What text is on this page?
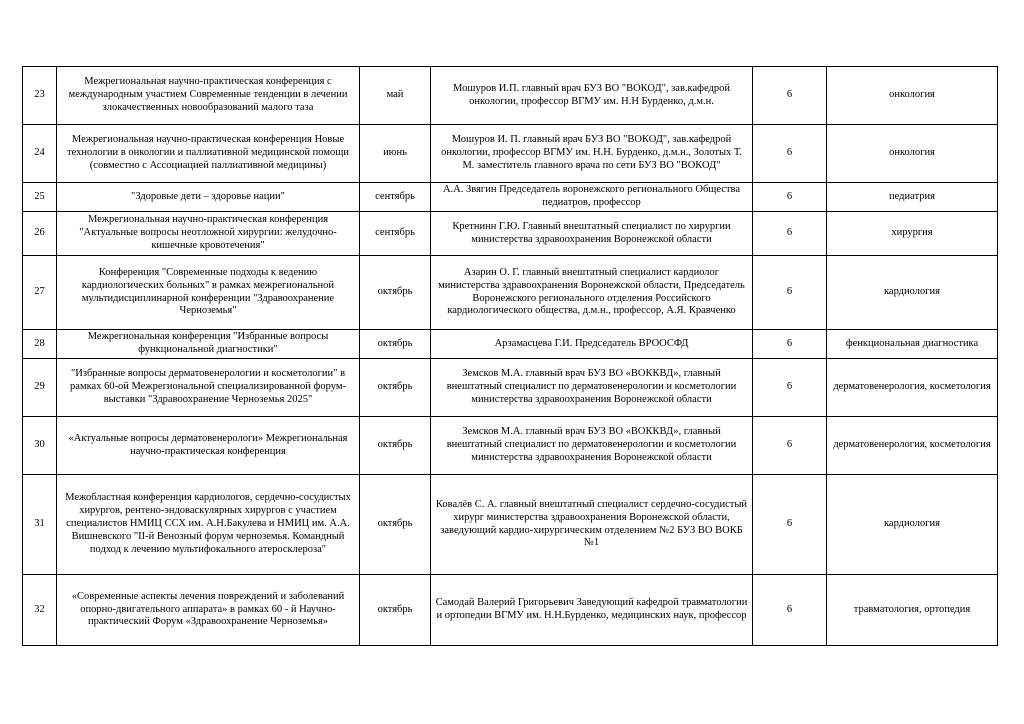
23	Межрегиональная научно-практическая конференция с международным участием Современные тенденции в лечении злокачественных новообразований малого таза	май	Мошуров И.П. главный врач БУЗ ВО "ВОКОД", зав.кафедрой онкологии, профессор ВГМУ им. Н.Н Бурденко, д.м.н.	6	онкология
24	Межрегиональная научно-практическая конференция Новые технологии в онкологии и паллиативной медицинской помощи (совместно с Ассоциацией паллиативной медицины)	июнь	Мошуров И. П. главный врач БУЗ ВО "ВОКОД", зав.кафедрой онкологии, профессор ВГМУ им. Н.Н. Бурденко, д.м.н., Золотых Т. М. заместитель главного врача по сети БУЗ ВО "ВОКОД"	6	онкология
25	"Здоровые дети – здоровье нации"	сентябрь	А.А. Звягин Председатель воронежского регионального Общества педиатров, профессор	6	педиатрия
26	Межрегиональная научно-практическая конференция "Актуальные вопросы неотложной хирургии: желудочно-кишечные кровотечения"	сентябрь	Кретнинн Г.Ю. Главный внештатный специалист по хирургии министерства здравоохранения Воронежской области	6	хирургия
27	Конференция "Современные подходы к ведению кардиологических больных" в рамках межрегиональной мультидисциплинарной конференции "Здравоохранение Черноземья"	октябрь	Азарин О. Г. главный внештатный специалист кардиолог министерства здравоохранения Воронежской области, Председатель Воронежского регионального отделения Российского кардиологического общества, д.м.н., профессор, А.Я. Кравченко	6	кардиология
28	Межрегиональная конференция "Избранные вопросы функциональной диагностики"	октябрь	Арзамасцева Г.И. Председатель ВРООСФД	6	фенкциональная диагностика
29	"Избранные вопросы дерматовенерологии и косметологии" в рамках 60-ой Межрегиональной специализированной форум-выставки "Здравоохранение Черноземья 2025"	октябрь	Земсков М.А. главный врач БУЗ ВО «ВОККВД», главный внештатный специалист по дерматовенерологии и косметологии министерства здравоохранения Воронежской области	6	дерматовенерология, косметология
30	«Актуальные вопросы дерматовенерологи» Межрегиональная научно-практическая конференция	октябрь	Земсков М.А. главный врач БУЗ ВО «ВОККВД», главный внештатный специалист по дерматовенерологии и косметологии министерства здравоохранения Воронежской области	6	дерматовенерология, косметология
31	Межобластная конференция кардиологов, сердечно-сосудистых хирургов, рентено-эндоваскулярных хирургов с участием специалистов НМИЦ ССХ им. А.Н.Бакулева и НМИЦ им. А.А. Вишневского "II-й Венозный форум черноземья. Командный подход к лечению мультифокального атеросклероза"	октябрь	Ковалёв С. А. главный внештатный специалист сердечно-сосудистый хирург министерства здравоохранения Воронежской области, заведующий кардио-хирургическим отделением №2 БУЗ ВО ВОКБ №1	6	кардиология
32	«Современные аспекты лечения повреждений и заболеваний опорно-двигательного аппарата» в рамках 60 - й Научно-практический Форум «Здравоохранение Черноземья»	октябрь	Самодай Валерий Григорьевич Заведующий кафедрой травматологии и ортопедии ВГМУ им. Н.Н.Бурденко, медицинских наук, профессор	6	травматология, ортопедия
